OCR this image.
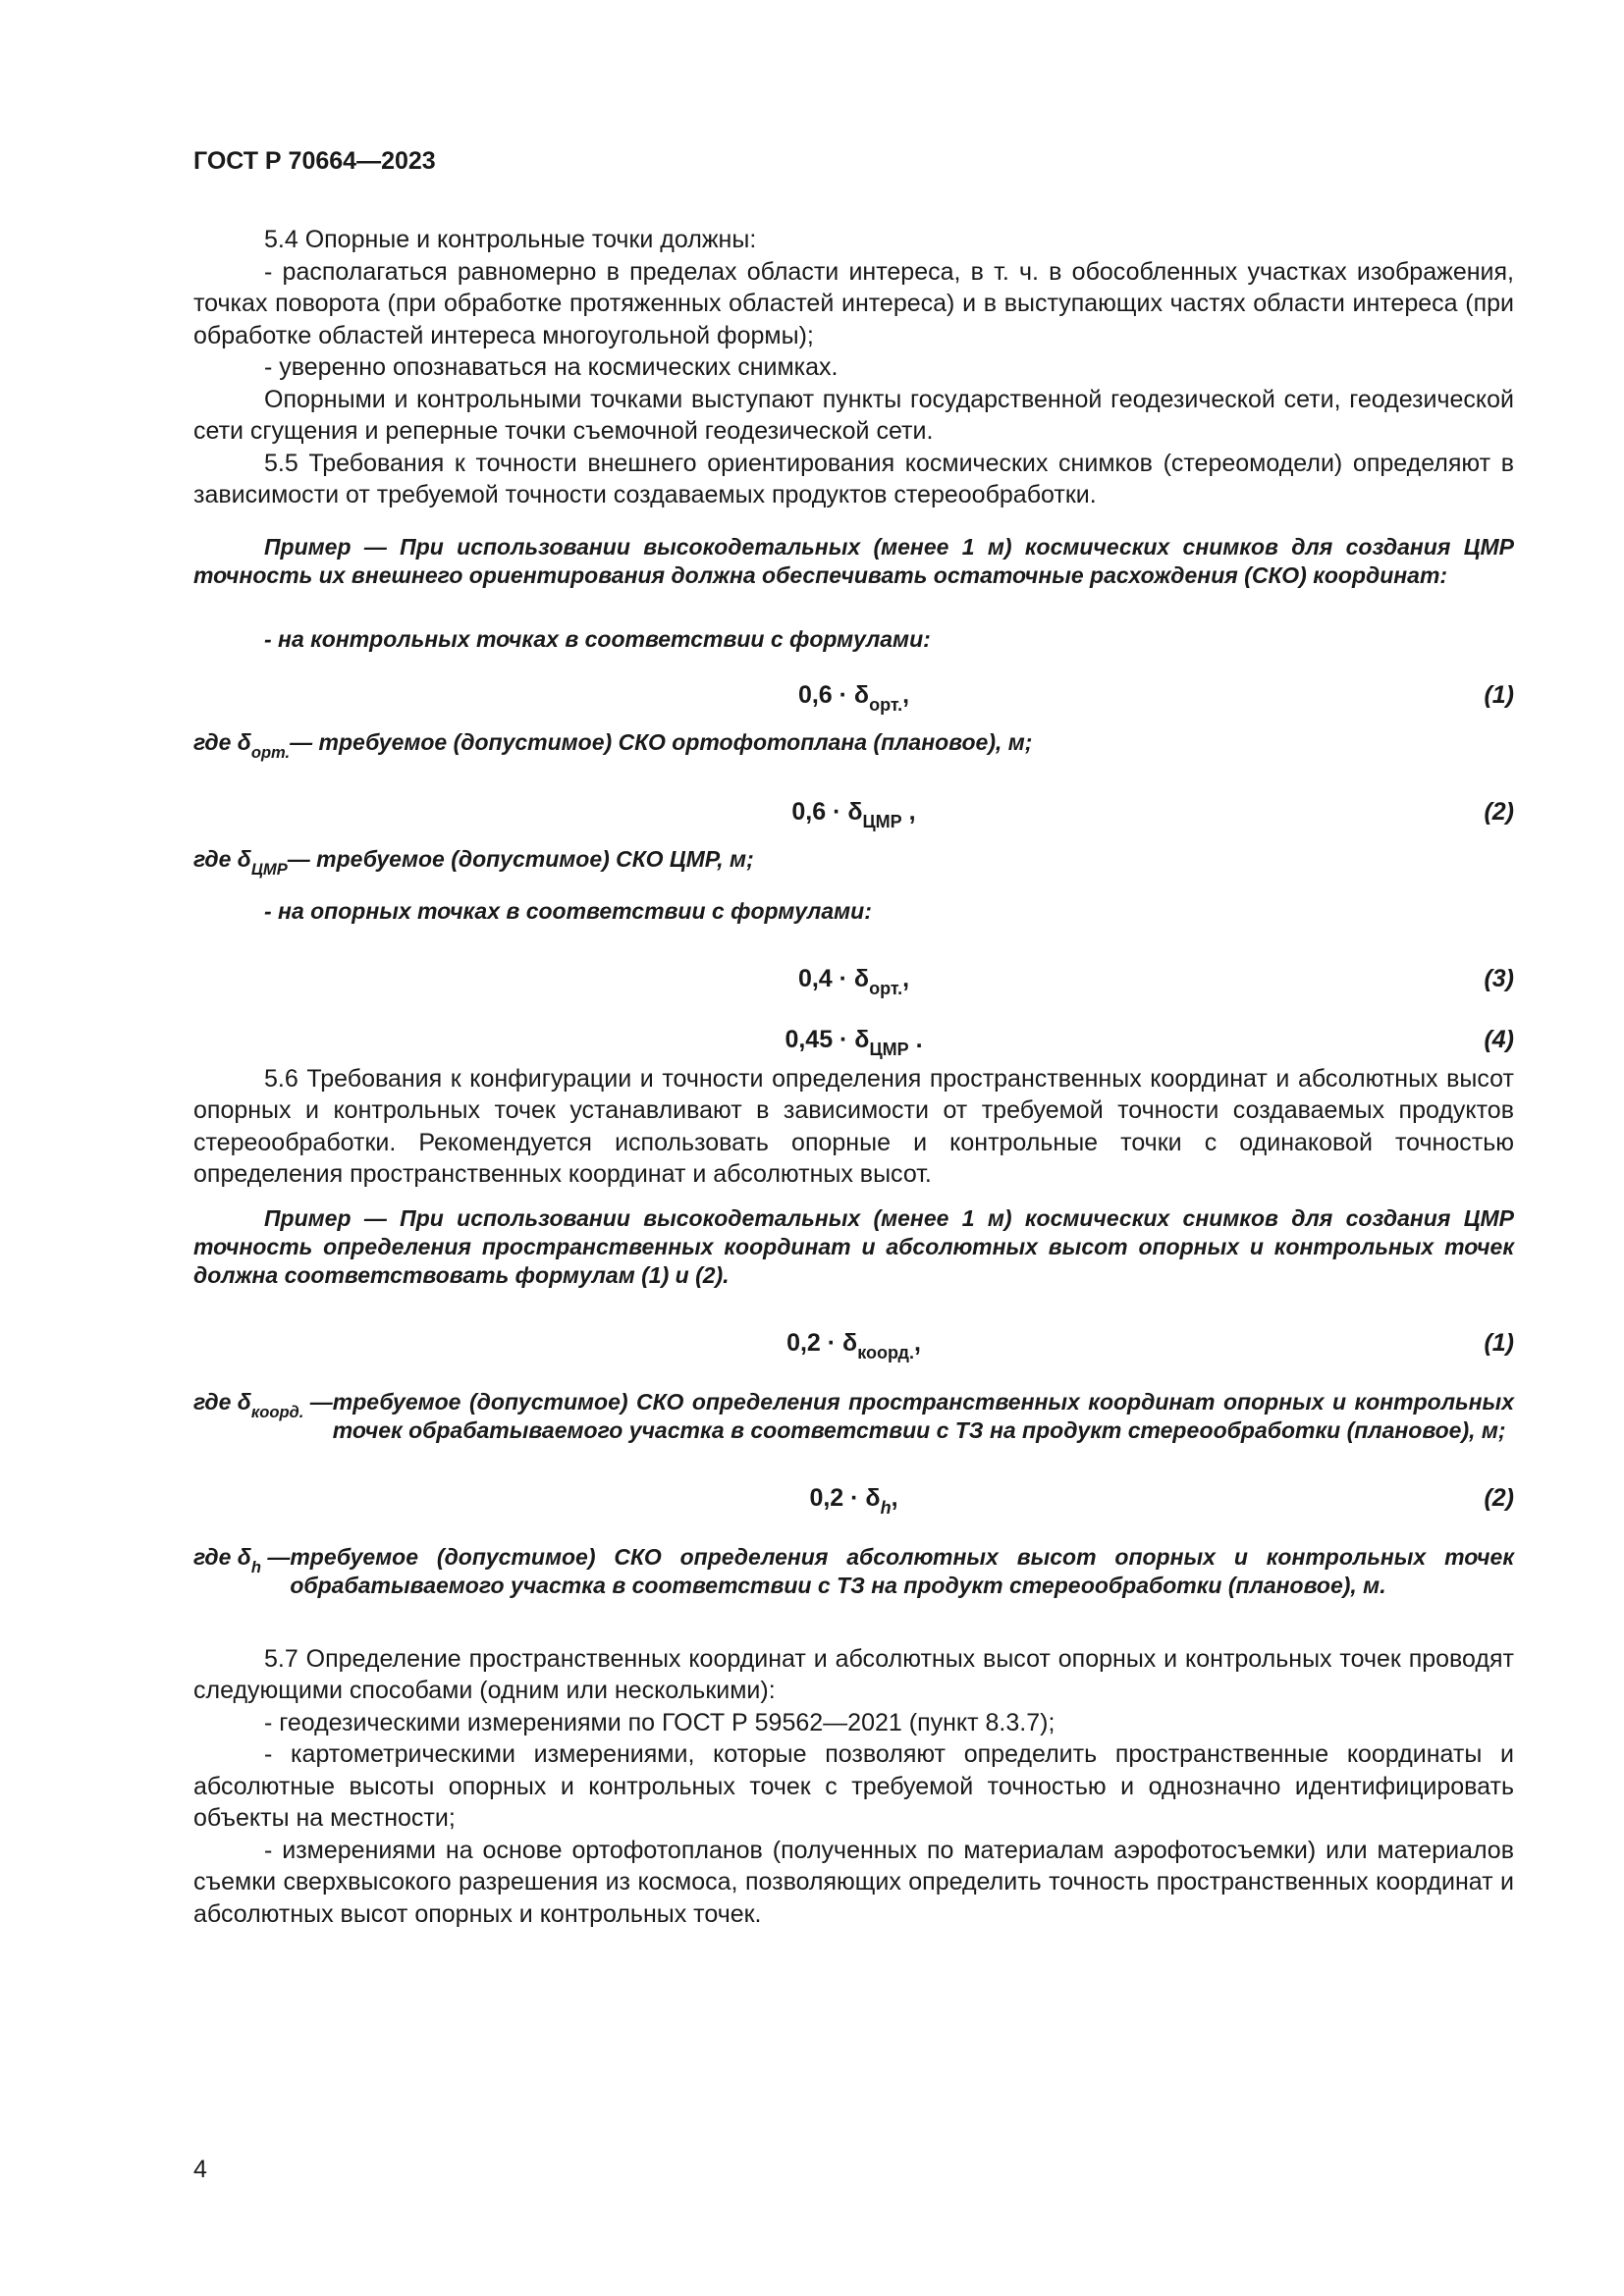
ГОСТ Р 70664—2023

5.4 Опорные и контрольные точки должны:

- располагаться равномерно в пределах области интереса, в т. ч. в обособленных участках изображения, точках поворота (при обработке протяженных областей интереса) и в выступающих частях области интереса (при обработке областей интереса многоугольной формы);

- уверенно опознаваться на космических снимках.

Опорными и контрольными точками выступают пункты государственной геодезической сети, геодезической сети сгущения и реперные точки съемочной геодезической сети.

5.5 Требования к точности внешнего ориентирования космических снимков (стереомодели) определяют в зависимости от требуемой точности создаваемых продуктов стереообработки.

Пример — При использовании высокодетальных (менее 1 м) космических снимков для создания ЦМР точность их внешнего ориентирования должна обеспечивать остаточные расхождения (СКО) координат:

- на контрольных точках в соответствии с формулами:

$0,6 \cdot \delta_{орт.}$,	(1)
где $\delta_{орт.}$ — требуемое (допустимое) СКО ортофотоплана (плановое), м;
$0,6 \cdot \delta_{ЦМР}$ ,	(2)
где $\delta_{ЦМР}$ — требуемое (допустимое) СКО ЦМР, м;

- на опорных точках в соответствии с формулами:

$0,4 \cdot \delta_{орт.}$,	(3)
$0,45 \cdot \delta_{ЦМР}$ .	(4)

5.6 Требования к конфигурации и точности определения пространственных координат и абсолютных высот опорных и контрольных точек устанавливают в зависимости от требуемой точности создаваемых продуктов стереообработки. Рекомендуется использовать опорные и контрольные точки с одинаковой точностью определения пространственных координат и абсолютных высот.

Пример — При использовании высокодетальных (менее 1 м) космических снимков для создания ЦМР точность определения пространственных координат и абсолютных высот опорных и контрольных точек должна соответствовать формулам (1) и (2).

$0,2 \cdot \delta_{коорд.}$,	(1)
где $\delta_{коорд.}$ — требуемое (допустимое) СКО определения пространственных координат опорных и контрольных точек обрабатываемого участка в соответствии с ТЗ на продукт стереообработки (плановое), м;
$0,2 \cdot \delta_h$,	(2)
где $\delta_h$ — требуемое (допустимое) СКО определения абсолютных высот опорных и контрольных точек обрабатываемого участка в соответствии с ТЗ на продукт стереообработки (плановое), м.

5.7 Определение пространственных координат и абсолютных высот опорных и контрольных точек проводят следующими способами (одним или несколькими):

- геодезическими измерениями по ГОСТ Р 59562—2021 (пункт 8.3.7);

- картометрическими измерениями, которые позволяют определить пространственные координаты и абсолютные высоты опорных и контрольных точек с требуемой точностью и однозначно идентифицировать объекты на местности;

- измерениями на основе ортофотопланов (полученных по материалам аэрофотосъемки) или материалов съемки сверхвысокого разрешения из космоса, позволяющих определить точность пространственных координат и абсолютных высот опорных и контрольных точек.

4
